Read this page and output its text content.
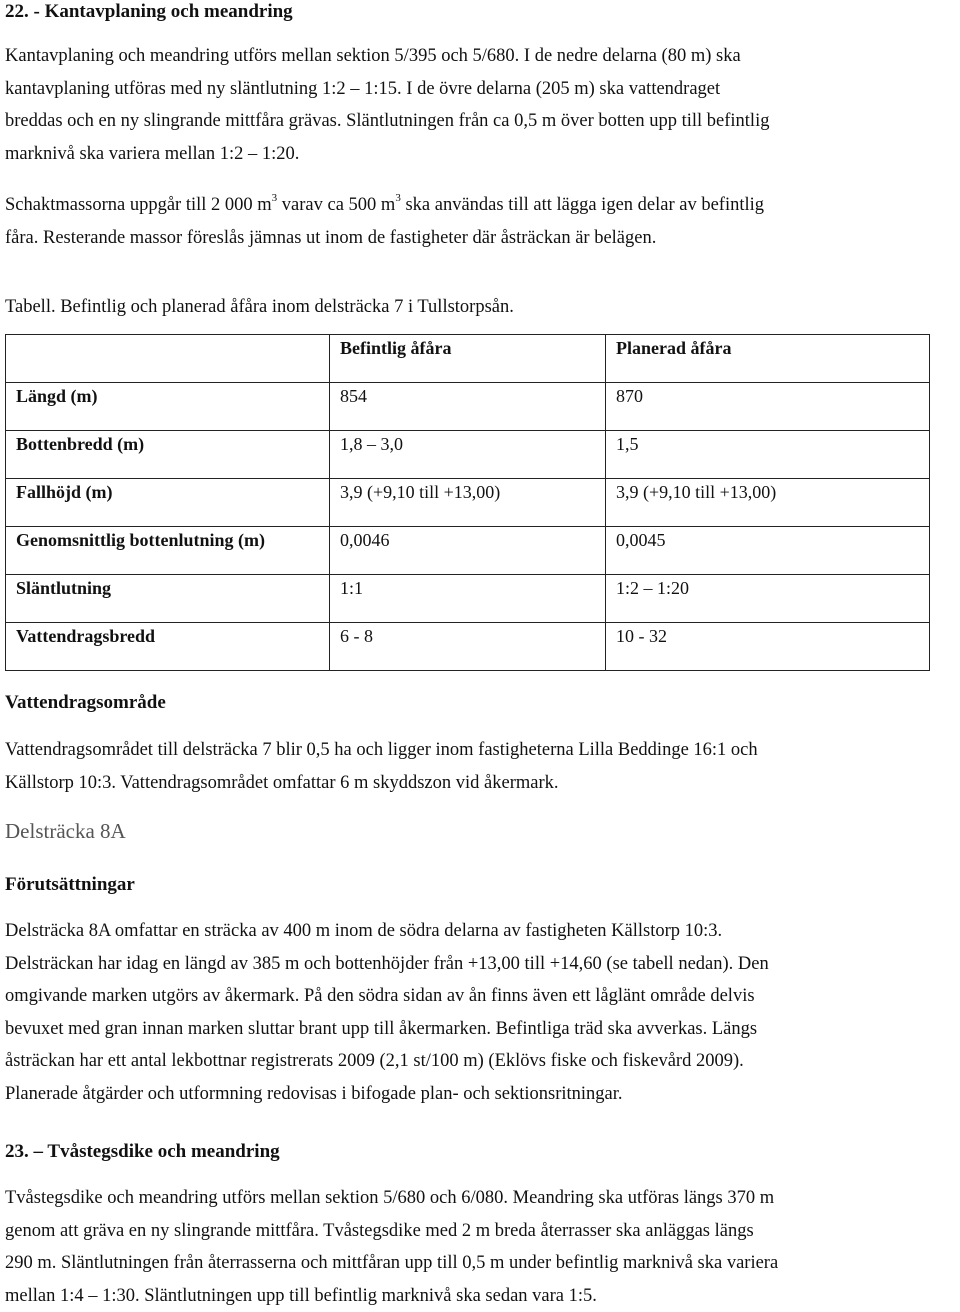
22. - Kantavplaning och meandring

Kantavplaning och meandring utförs mellan sektion 5/395 och 5/680. I de nedre delarna (80 m) ska
kantavplaning utföras med ny släntlutning 1:2 – 1:15. I de övre delarna (205 m) ska vattendraget
breddas och en ny slingrande mittfåra grävas. Släntlutningen från ca 0,5 m över botten upp till befintlig
marknivå ska variera mellan 1:2 – 1:20.

Schaktmassorna uppgår till 2 000 $m^3$ varav ca 500 $m^3$ ska användas till att lägga igen delar av befintlig
fåra. Resterande massor föreslås jämnas ut inom de fastigheter där åsträckan är belägen.

Tabell. Befintlig och planerad åfåra inom delsträcka 7 i Tullstorpsån.

	Befintlig åfåra	Planerad åfåra
Längd (m)	854	870
Bottenbredd (m)	1,8 – 3,0	1,5
Fallhöjd (m)	3,9 (+9,10 till +13,00)	3,9 (+9,10 till +13,00)
Genomsnittlig bottenlutning (m)	0,0046	0,0045
Släntlutning	1:1	1:2 – 1:20
Vattendragsbredd	6 - 8	10 - 32
Vattendragsområde

Vattendragsområdet till delsträcka 7 blir 0,5 ha och ligger inom fastigheterna Lilla Beddinge 16:1 och
Källstorp 10:3. Vattendragsområdet omfattar 6 m skyddszon vid åkermark.

Delsträcka 8A
Förutsättningar

Delsträcka 8A omfattar en sträcka av 400 m inom de södra delarna av fastigheten Källstorp 10:3.
Delsträckan har idag en längd av 385 m och bottenhöjder från +13,00 till +14,60 (se tabell nedan). Den
omgivande marken utgörs av åkermark. På den södra sidan av ån finns även ett låglänt område delvis
bevuxet med gran innan marken sluttar brant upp till åkermarken. Befintliga träd ska avverkas. Längs
åsträckan har ett antal lekbottnar registrerats 2009 (2,1 st/100 m) (Eklövs fiske och fiskevård 2009).
Planerade åtgärder och utformning redovisas i bifogade plan- och sektionsritningar.

23. – Tvåstegsdike och meandring

Tvåstegsdike och meandring utförs mellan sektion 5/680 och 6/080. Meandring ska utföras längs 370 m
genom att gräva en ny slingrande mittfåra. Tvåstegsdike med 2 m breda återrasser ska anläggas längs
290 m. Släntlutningen från återrasserna och mittfåran upp till 0,5 m under befintlig marknivå ska variera
mellan 1:4 – 1:30. Släntlutningen upp till befintlig marknivå ska sedan vara 1:5.
